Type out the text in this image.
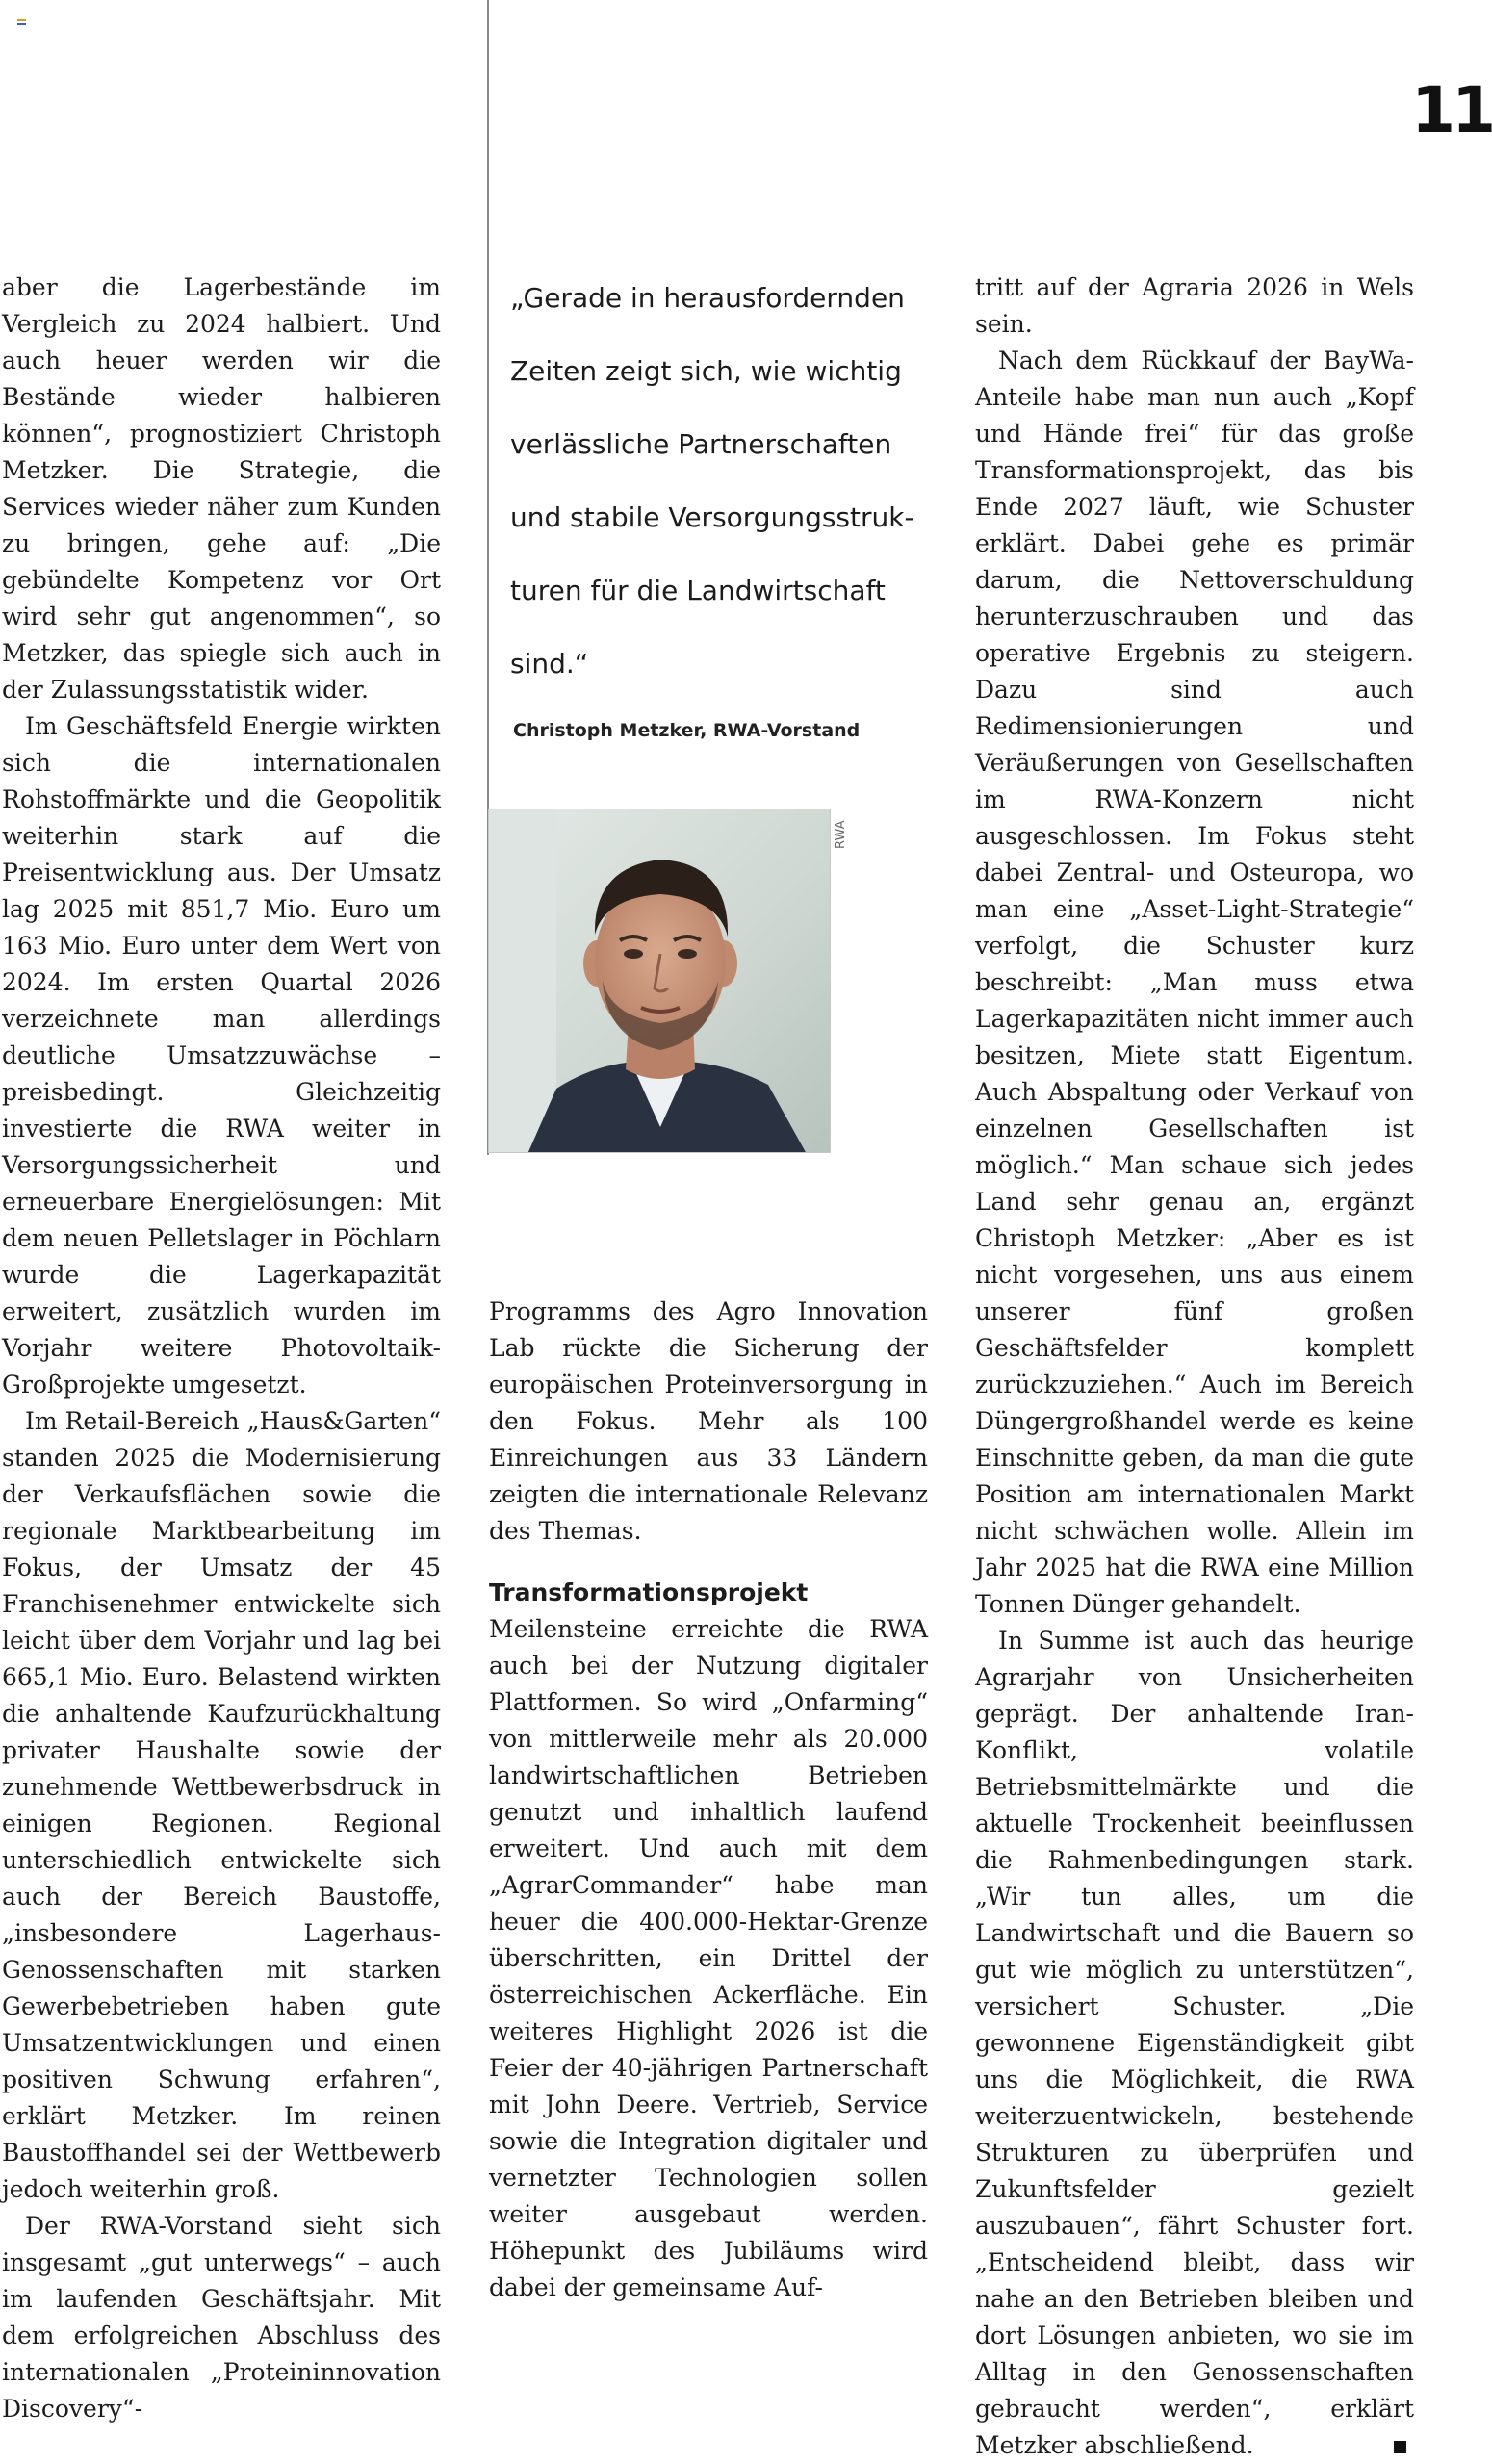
11

aber die Lagerbestände im Vergleich zu 2024 halbiert. Und auch heuer werden wir die Bestände wieder halbieren können“, prognostiziert Christoph Metzker. Die Strategie, die Services wieder näher zum Kunden zu bringen, gehe auf: „Die gebündelte Kompetenz vor Ort wird sehr gut angenommen“, so Metzker, das spiegle sich auch in der Zulassungsstatistik wider.

Im Geschäftsfeld Energie wirkten sich die internationalen Rohstoffmärkte und die Geopolitik weiterhin stark auf die Preisentwicklung aus. Der Umsatz lag 2025 mit 851,7 Mio. Euro um 163 Mio. Euro unter dem Wert von 2024. Im ersten Quartal 2026 verzeichnete man allerdings deutliche Umsatzzuwächse – preisbedingt. Gleichzeitig investierte die RWA weiter in Versorgungssicherheit und erneuerbare Energielösungen: Mit dem neuen Pelletslager in Pöchlarn wurde die Lagerkapazität erweitert, zusätzlich wurden im Vorjahr weitere Photovoltaik-Großprojekte umgesetzt.

Im Retail-Bereich „Haus&Garten“ standen 2025 die Modernisierung der Verkaufsflächen sowie die regionale Marktbearbeitung im Fokus, der Umsatz der 45 Franchisenehmer entwickelte sich leicht über dem Vorjahr und lag bei 665,1 Mio. Euro. Belastend wirkten die anhaltende Kaufzurückhaltung privater Haushalte sowie der zunehmende Wettbewerbsdruck in einigen Regionen. Regional unterschiedlich entwickelte sich auch der Bereich Baustoffe, „insbesondere Lagerhaus-Genossenschaften mit starken Gewerbebetrieben haben gute Umsatzentwicklungen und einen positiven Schwung erfahren“, erklärt Metzker. Im reinen Baustoffhandel sei der Wettbewerb jedoch weiterhin groß.

Der RWA-Vorstand sieht sich insgesamt „gut unterwegs“ – auch im laufenden Geschäftsjahr. Mit dem erfolgreichen Abschluss des internationalen „Proteininnovation Discovery“-

„Gerade in herausfordernden
Zeiten zeigt sich, wie wichtig
verlässliche Partnerschaften
und stabile Versorgungsstruk-
turen für die Landwirtschaft
sind.“
Christoph Metzker, RWA-Vorstand
RWA

Programms des Agro Innovation Lab rückte die Sicherung der europäischen Proteinversorgung in den Fokus. Mehr als 100 Einreichungen aus 33 Ländern zeigten die internationale Relevanz des Themas.

Transformationsprojekt

Meilensteine erreichte die RWA auch bei der Nutzung digitaler Plattformen. So wird „Onfarming“ von mittlerweile mehr als 20.000 landwirtschaftlichen Betrieben genutzt und inhaltlich laufend erweitert. Und auch mit dem „AgrarCommander“ habe man heuer die 400.000-Hektar-Grenze überschritten, ein Drittel der österreichischen Ackerfläche. Ein weiteres Highlight 2026 ist die Feier der 40-jährigen Partnerschaft mit John Deere. Vertrieb, Service sowie die Integration digitaler und vernetzter Technologien sollen weiter ausgebaut werden. Höhepunkt des Jubiläums wird dabei der gemeinsame Auf-

tritt auf der Agraria 2026 in Wels sein.

Nach dem Rückkauf der BayWa-Anteile habe man nun auch „Kopf und Hände frei“ für das große Transformationsprojekt, das bis Ende 2027 läuft, wie Schuster erklärt. Dabei gehe es primär darum, die Nettoverschuldung herunterzuschrauben und das operative Ergebnis zu steigern. Dazu sind auch Redimensionierungen und Veräußerungen von Gesellschaften im RWA-Konzern nicht ausgeschlossen. Im Fokus steht dabei Zentral- und Osteuropa, wo man eine „Asset-Light-Strategie“ verfolgt, die Schuster kurz beschreibt: „Man muss etwa Lagerkapazitäten nicht immer auch besitzen, Miete statt Eigentum. Auch Abspaltung oder Verkauf von einzelnen Gesellschaften ist möglich.“ Man schaue sich jedes Land sehr genau an, ergänzt Christoph Metzker: „Aber es ist nicht vorgesehen, uns aus einem unserer fünf großen Geschäftsfelder komplett zurückzuziehen.“ Auch im Bereich Düngergroßhandel werde es keine Einschnitte geben, da man die gute Position am internationalen Markt nicht schwächen wolle. Allein im Jahr 2025 hat die RWA eine Million Tonnen Dünger gehandelt.

In Summe ist auch das heurige Agrarjahr von Unsicherheiten geprägt. Der anhaltende Iran-Konflikt, volatile Betriebsmittelmärkte und die aktuelle Trockenheit beeinflussen die Rahmenbedingungen stark. „Wir tun alles, um die Landwirtschaft und die Bauern so gut wie möglich zu unterstützen“, versichert Schuster. „Die gewonnene Eigenständigkeit gibt uns die Möglichkeit, die RWA weiterzuentwickeln, bestehende Strukturen zu überprüfen und Zukunftsfelder gezielt auszubauen“, fährt Schuster fort. „Entscheidend bleibt, dass wir nahe an den Betrieben bleiben und dort Lösungen anbieten, wo sie im Alltag in den Genossenschaften gebraucht werden“, erklärt Metzker abschließend.
